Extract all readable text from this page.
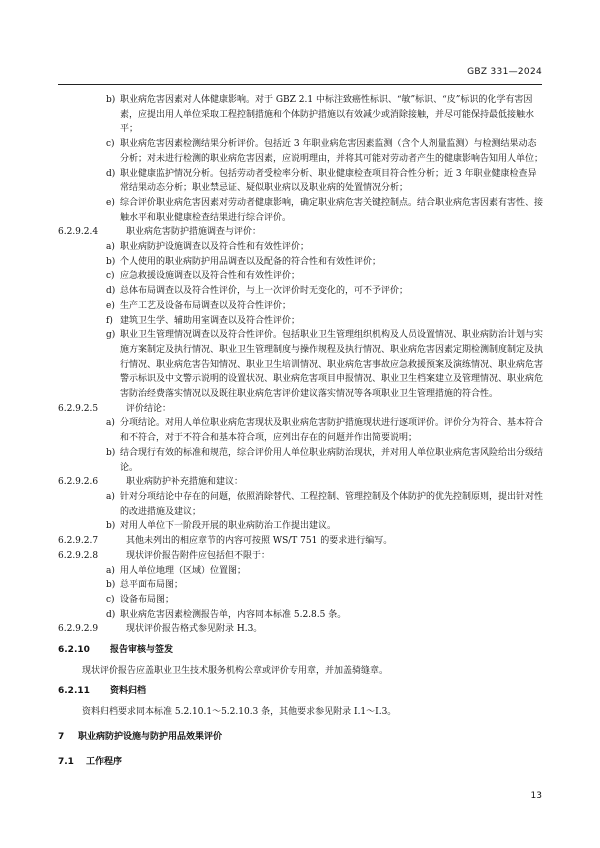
GBZ 331—2024
b) 职业病危害因素对人体健康影响。对于 GBZ 2.1 中标注致癌性标识、“敏”标识、“皮”标识的化学有害因素，应提出用人单位采取工程控制措施和个体防护措施以有效减少或消除接触，并尽可能保持最低接触水平；
c) 职业病危害因素检测结果分析评价。包括近 3 年职业病危害因素监测（含个人剂量监测）与检测结果动态分析；对未进行检测的职业病危害因素，应说明理由，并将其可能对劳动者产生的健康影响告知用人单位；
d) 职业健康监护情况分析。包括劳动者受检率分析、职业健康检查项目符合性分析；近 3 年职业健康检查异常结果动态分析；职业禁忌证、疑似职业病以及职业病的处置情况分析；
e) 综合评价职业病危害因素对劳动者健康影响，确定职业病危害关键控制点。结合职业病危害因素有害性、接触水平和职业健康检查结果进行综合评价。
6.2.9.2.4	职业病危害防护措施调查与评价：
a) 职业病防护设施调查以及符合性和有效性评价；
b) 个人使用的职业病防护用品调查以及配备的符合性和有效性评价；
c) 应急救援设施调查以及符合性和有效性评价；
d) 总体布局调查以及符合性评价，与上一次评价时无变化的，可不予评价；
e) 生产工艺及设备布局调查以及符合性评价；
f) 建筑卫生学、辅助用室调查以及符合性评价；
g) 职业卫生管理情况调查以及符合性评价。包括职业卫生管理组织机构及人员设置情况、职业病防治计划与实施方案制定及执行情况、职业卫生管理制度与操作规程及执行情况、职业病危害因素定期检测制度制定及执行情况、职业病危害告知情况、职业卫生培训情况、职业病危害事故应急救援预案及演练情况、职业病危害警示标识及中文警示说明的设置状况、职业病危害项目申报情况、职业卫生档案建立及管理情况、职业病危害防治经费落实情况以及既往职业病危害评价建议落实情况等各项职业卫生管理措施的符合性。
6.2.9.2.5	评价结论：
a) 分项结论。对用人单位职业病危害现状及职业病危害防护措施现状进行逐项评价。评价分为符合、基本符合和不符合，对于不符合和基本符合项，应列出存在的问题并作出简要说明；
b) 结合现行有效的标准和规范，综合评价用人单位职业病防治现状，并对用人单位职业病危害风险给出分级结论。
6.2.9.2.6	职业病防护补充措施和建议：
a) 针对分项结论中存在的问题，依照消除替代、工程控制、管理控制及个体防护的优先控制原则，提出针对性的改进措施及建议；
b) 对用人单位下一阶段开展的职业病防治工作提出建议。
6.2.9.2.7	其他未列出的相应章节的内容可按照 WS/T 751 的要求进行编写。
6.2.9.2.8	现状评价报告附件应包括但不限于：
a) 用人单位地理（区域）位置图；
b) 总平面布局图；
c) 设备布局图；
d) 职业病危害因素检测报告单，内容同本标准 5.2.8.5 条。
6.2.9.2.9	现状评价报告格式参见附录 H.3。
6.2.10 报告审核与签发
现状评价报告应盖职业卫生技术服务机构公章或评价专用章，并加盖骑缝章。
6.2.11 资料归档
资料归档要求同本标准 5.2.10.1～5.2.10.3 条，其他要求参见附录 I.1～I.3。
7 职业病防护设施与防护用品效果评价
7.1 工作程序
13
